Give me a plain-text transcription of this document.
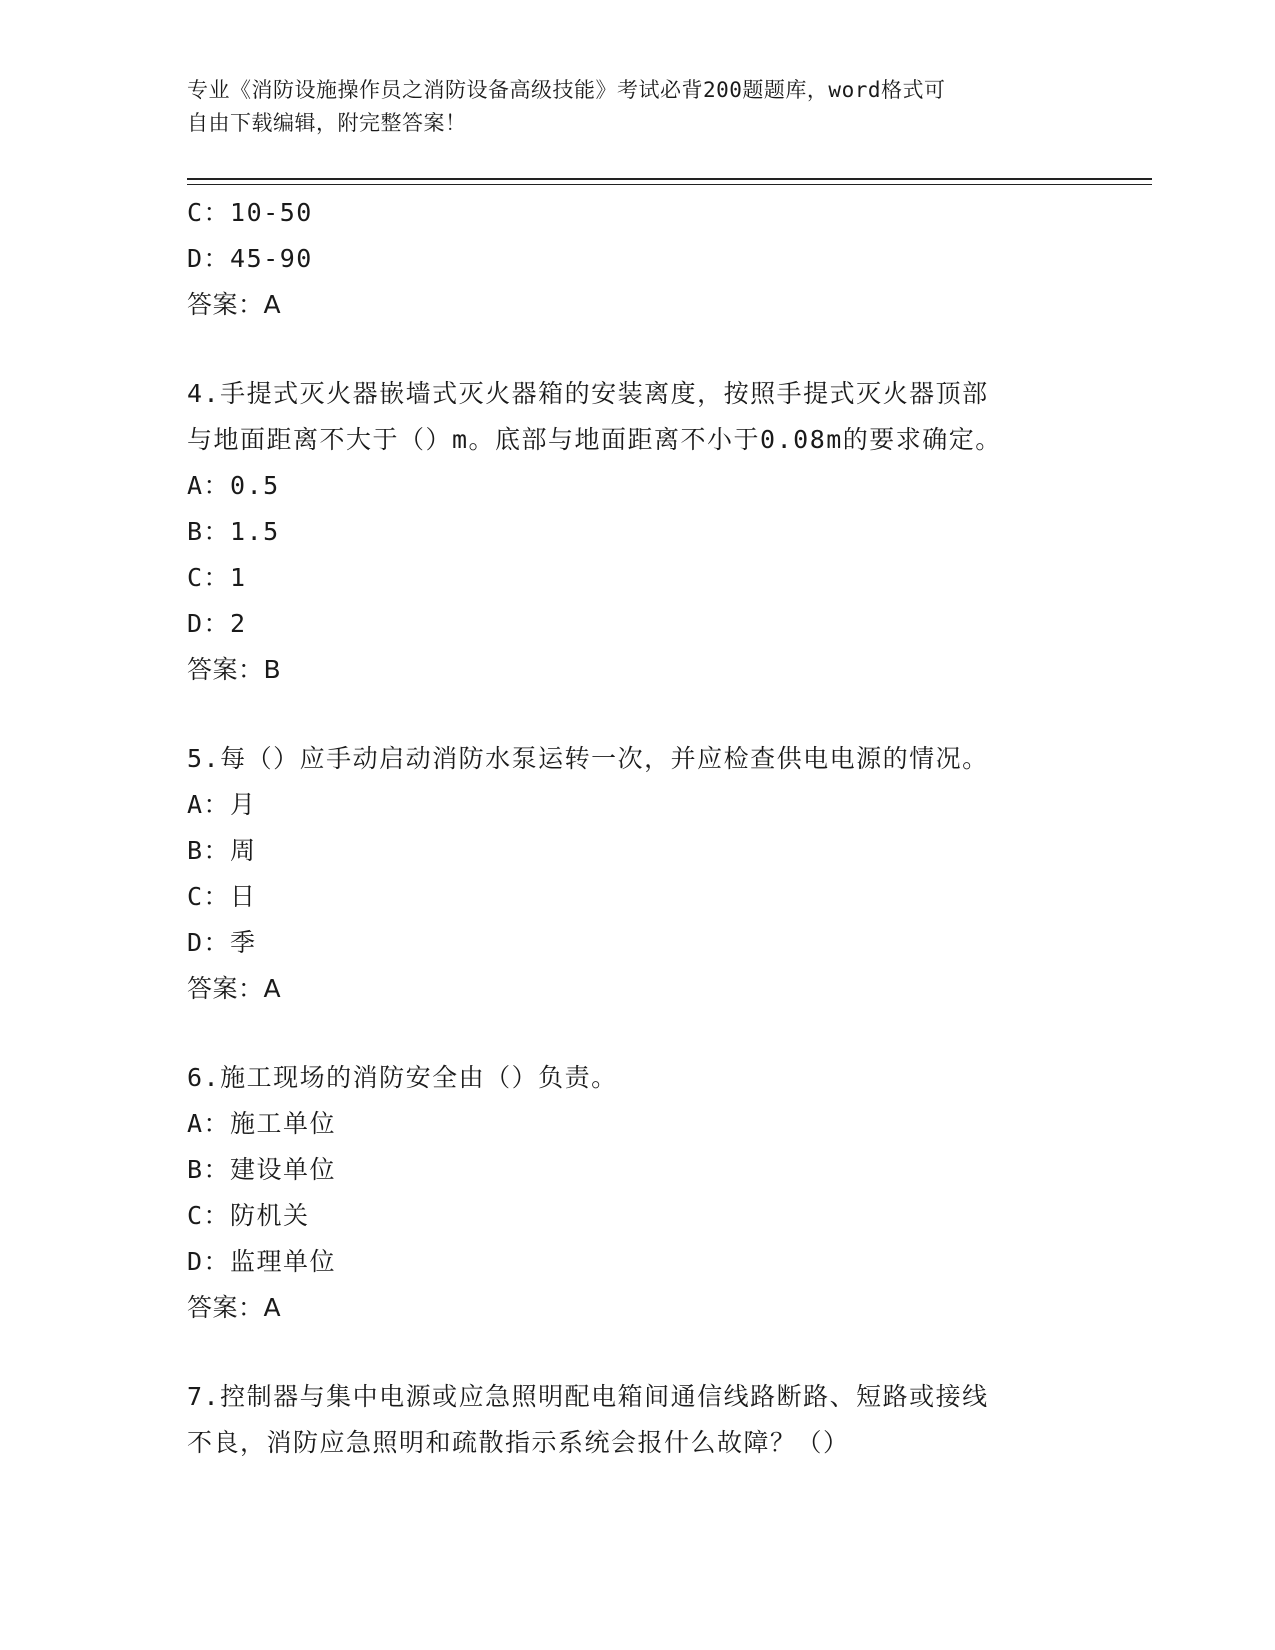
专业《消防设施操作员之消防设备高级技能》考试必背200题题库，word格式可
自由下载编辑，附完整答案！
C：10-50
D：45-90
答案：A
4.手提式灭火器嵌墙式灭火器箱的安装离度，按照手提式灭火器顶部
与地面距离不大于（）m。底部与地面距离不小于0.08m的要求确定。
A：0.5
B：1.5
C：1
D：2
答案：B
5.每（）应手动启动消防水泵运转一次，并应检查供电电源的情况。
A：月
B：周
C：日
D：季
答案：A
6.施工现场的消防安全由（）负责。
A：施工单位
B：建设单位
C：防机关
D：监理单位
答案：A
7.控制器与集中电源或应急照明配电箱间通信线路断路、短路或接线
不良，消防应急照明和疏散指示系统会报什么故障？（）
